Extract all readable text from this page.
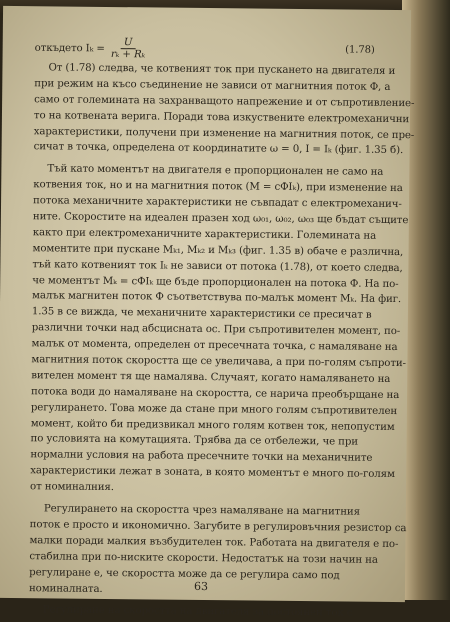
откъдето $I_k = \frac{U}{\text{rₖ + Rₖ}}$	(1.78)
От (1.78) следва, че котвеният ток при пускането на двигателя и
при режим на късо съединение не зависи от магнитния поток Ф, а
само от големината на захранващото напрежение и от съпротивление-
то на котвената верига. Поради това изкуствените електромеханични
характеристики, получени при изменение на магнитния поток, се пре-
сичат в точка, определена от координатите ω = 0, I = Iₖ (фиг. 1.35 б).
Тъй като моментът на двигателя е пропорционален не само на
котвения ток, но и на магнитния поток (M = cФIₖ), при изменение на
потока механичните характеристики не съвпадат с електромеханич-
ните. Скоростите на идеален празен ход ω₀₁, ω₀₂, ω₀₃ ще бъдат същите
както при електромеханичните характеристики. Големината на
моментите при пускане Mₖ₁, Mₖ₂ и Mₖ₃ (фиг. 1.35 в) обаче е различна,
тъй като котвеният ток Iₖ не зависи от потока (1.78), от което следва,
че моментът Mₖ = cФIₖ ще бъде пропорционален на потока Ф. На по-
малък магнитен поток Ф съответствува по-малък момент Mₖ. На фиг.
1.35 в се вижда, че механичните характеристики се пресичат в
различни точки над абсцисната ос. При съпротивителен момент, по-
малък от момента, определен от пресечната точка, с намаляване на
магнитния поток скоростта ще се увеличава, а при по-голям съпроти-
вителен момент тя ще намалява. Случаят, когато намаляването на
потока води до намаляване на скоростта, се нарича преобърщане на
регулирането. Това може да стане при много голям съпротивителен
момент, който би предизвикал много голям котвен ток, непопустим
по условията на комутацията. Трябва да се отбележи, че при
нормални условия на работа пресечните точки на механичните
характеристики лежат в зоната, в която моментът е много по-голям
от номиналния.
Регулирането на скоростта чрез намаляване на магнитния
поток е просто и икономично. Загубите в регулировъчния резистор са
малки поради малкия възбудителен ток. Работата на двигателя е по-
стабилна при по-ниските скорости. Недостатък на този начин на
регулиране е, че скоростта може да се регулира само под
номиналната.
Регулиране на скоростта на двигателя за постоянен ток с
63
